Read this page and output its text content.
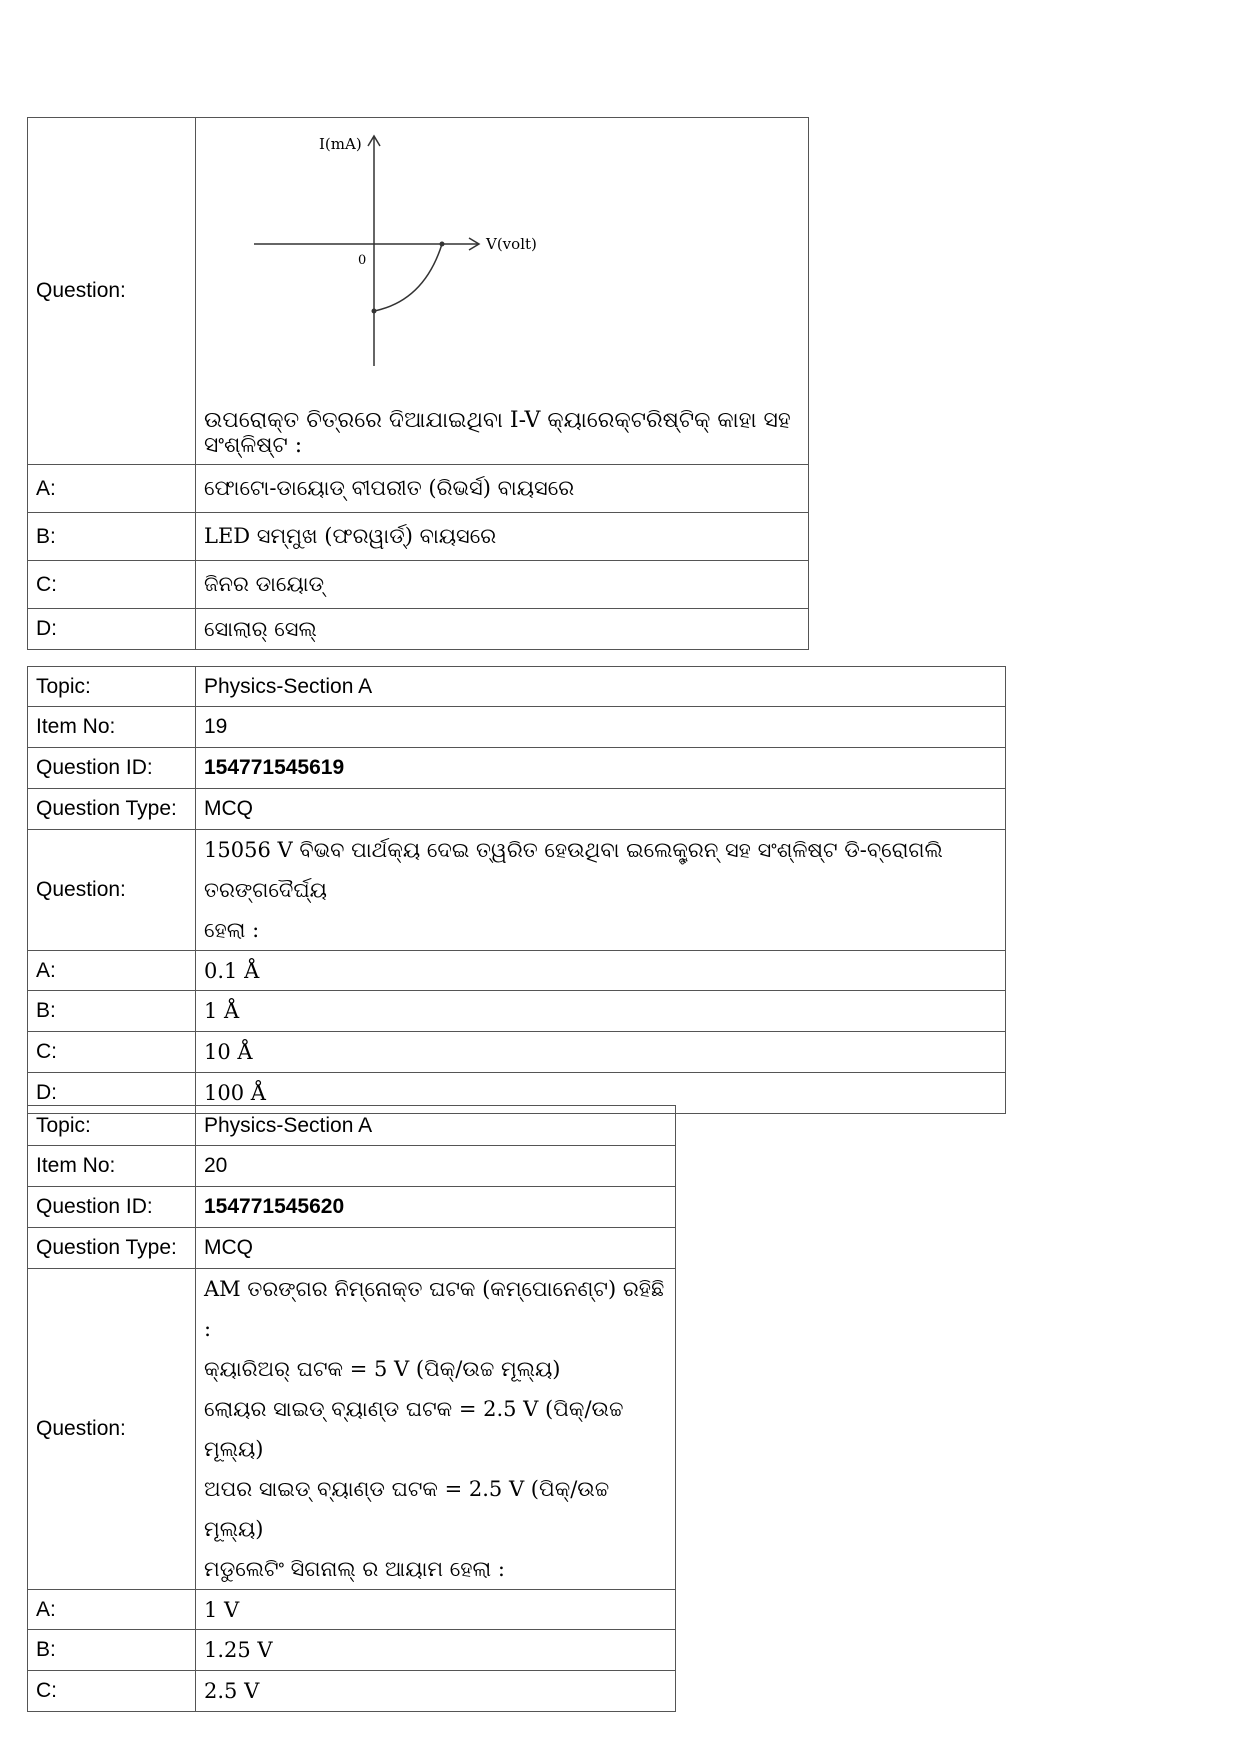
Question:	I(mA)
V(volt)
0
ଉପରୋକ୍ତ ଚିତ୍ରରେ ଦିଆଯାଇଥିବା I-V କ୍ୟାରେକ୍ଟରିଷ୍ଟିକ୍ କାହା ସହ ସଂଶ୍ଳିଷ୍ଟ :

A:	ଫୋଟୋ-ଡାୟୋଡ୍ ବୀପରୀତ (ରିଭର୍ସ) ବାୟସରେ
B:	LED ସମ୍ମୁଖ (ଫରୱାର୍ଡ୍) ବାୟସରେ
C:	ଜିନର ଡାୟୋଡ୍
D:	ସୋଲାର୍ ସେଲ୍
Topic:	Physics-Section A
Item No:	19
Question ID:	154771545619
Question Type:	MCQ
Question:	15056 V ବିଭବ ପାର୍ଥକ୍ୟ ଦେଇ ତ୍ୱରିତ ହେଉଥିବା ଇଲେକ୍ଟ୍ରନ୍ ସହ ସଂଶ୍ଳିଷ୍ଟ ଡି-ବ୍ରୋଗଲି ତରଙ୍ଗଦୈର୍ଘ୍ୟ
ହେଲା :

A:	0.1 Å
B:	1 Å
C:	10 Å
D:	100 Å
Topic:	Physics-Section A
Item No:	20
Question ID:	154771545620
Question Type:	MCQ
Question:	AM ତରଙ୍ଗର ନିମ୍ନୋକ୍ତ ଘଟକ (କମ୍ପୋନେଣ୍ଟ) ରହିଛି :
କ୍ୟାରିଅର୍ ଘଟକ = 5 V (ପିକ୍/ଉଚ୍ଚ ମୂଲ୍ୟ)
ଲୋୟର ସାଇଡ୍ ବ୍ୟାଣ୍ଡ ଘଟକ = 2.5 V (ପିକ୍/ଉଚ୍ଚ ମୂଲ୍ୟ)
ଅପର ସାଇଡ୍ ବ୍ୟାଣ୍ଡ ଘଟକ = 2.5 V (ପିକ୍/ଉଚ୍ଚ ମୂଲ୍ୟ)
ମଡୁଲେଟିଂ ସିଗନାଲ୍ ର ଆୟାମ ହେଲା :

A:	1 V
B:	1.25 V
C:	2.5 V
